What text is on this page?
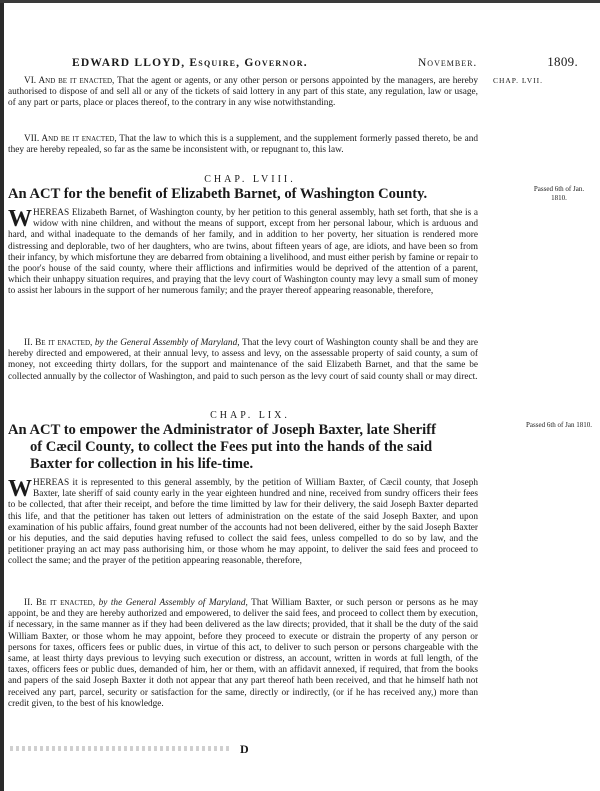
EDWARD LLOYD, Esquire, Governor.	November.	1809.
CHAP. LVII.

VI. And be it enacted, That the agent or agents, or any other person or persons appointed by the managers, are hereby authorised to dispose of and sell all or any of the tickets of said lottery in any part of this state, any regulation, law or usage, of any part or parts, place or places thereof, to the contrary in any wise notwithstanding.

VII. And be it enacted, That the law to which this is a supplement, and the supplement formerly passed thereto, be and they are hereby repealed, so far as the same be inconsistent with, or repugnant to, this law.

CHAP. LVIII.
An ACT for the benefit of Elizabeth Barnet, of Washington County.	Passed 6th of Jan. 1810.

WHEREAS Elizabeth Barnet, of Washington county, by her petition to this general assembly, hath set forth, that she is a widow with nine children, and without the means of support, except from her personal labour, which is arduous and hard, and withal inadequate to the demands of her family, and in addition to her poverty, her situation is rendered more distressing and deplorable, two of her daughters, who are twins, about fifteen years of age, are idiots, and have been so from their infancy, by which misfortune they are debarred from obtaining a livelihood, and must either perish by famine or repair to the poor's house of the said county, where their afflictions and infirmities would be deprived of the attention of a parent, which their unhappy situation requires, and praying that the levy court of Washington county may levy a small sum of money to assist her labours in the support of her numerous family; and the prayer thereof appearing reasonable, therefore,

II. Be it enacted, by the General Assembly of Maryland, That the levy court of Washington county shall be and they are hereby directed and empowered, at their annual levy, to assess and levy, on the assessable property of said county, a sum of money, not exceeding thirty dollars, for the support and maintenance of the said Elizabeth Barnet, and that the same be collected annually by the collector of Washington, and paid to such person as the levy court of said county shall or may direct.

CHAP. LIX.
An ACT to empower the Administrator of Joseph Baxter, late Sheriff
of Cæcil County, to collect the Fees put into the hands of the said
Baxter for collection in his life-time.
Passed 6th of Jan 1810.

WHEREAS it is represented to this general assembly, by the petition of William Baxter, of Cæcil county, that Joseph Baxter, late sheriff of said county early in the year eighteen hundred and nine, received from sundry officers their fees to be collected, that after their receipt, and before the time limitted by law for their delivery, the said Joseph Baxter departed this life, and that the petitioner has taken out letters of administration on the estate of the said Joseph Baxter, and upon examination of his public affairs, found great number of the accounts had not been delivered, either by the said Joseph Baxter or his deputies, and the said deputies having refused to collect the said fees, unless compelled to do so by law, and the petitioner praying an act may pass authorising him, or those whom he may appoint, to deliver the said fees and proceed to collect the same; and the prayer of the petition appearing reasonable, therefore,

II. Be it enacted, by the General Assembly of Maryland, That William Baxter, or such person or persons as he may appoint, be and they are hereby authorized and empowered, to deliver the said fees, and proceed to collect them by execution, if necessary, in the same manner as if they had been delivered as the law directs; provided, that it shall be the duty of the said William Baxter, or those whom he may appoint, before they proceed to execute or distrain the property of any person or persons for taxes, officers fees or public dues, in virtue of this act, to deliver to such person or persons chargeable with the same, at least thirty days previous to levying such execution or distress, an account, written in words at full length, of the taxes, officers fees or public dues, demanded of him, her or them, with an affidavit annexed, if required, that from the books and papers of the said Joseph Baxter it doth not appear that any part thereof hath been received, and that he himself hath not received any part, parcel, security or satisfaction for the same, directly or indirectly, (or if he has received any,) more than credit given, to the best of his knowledge.

D
